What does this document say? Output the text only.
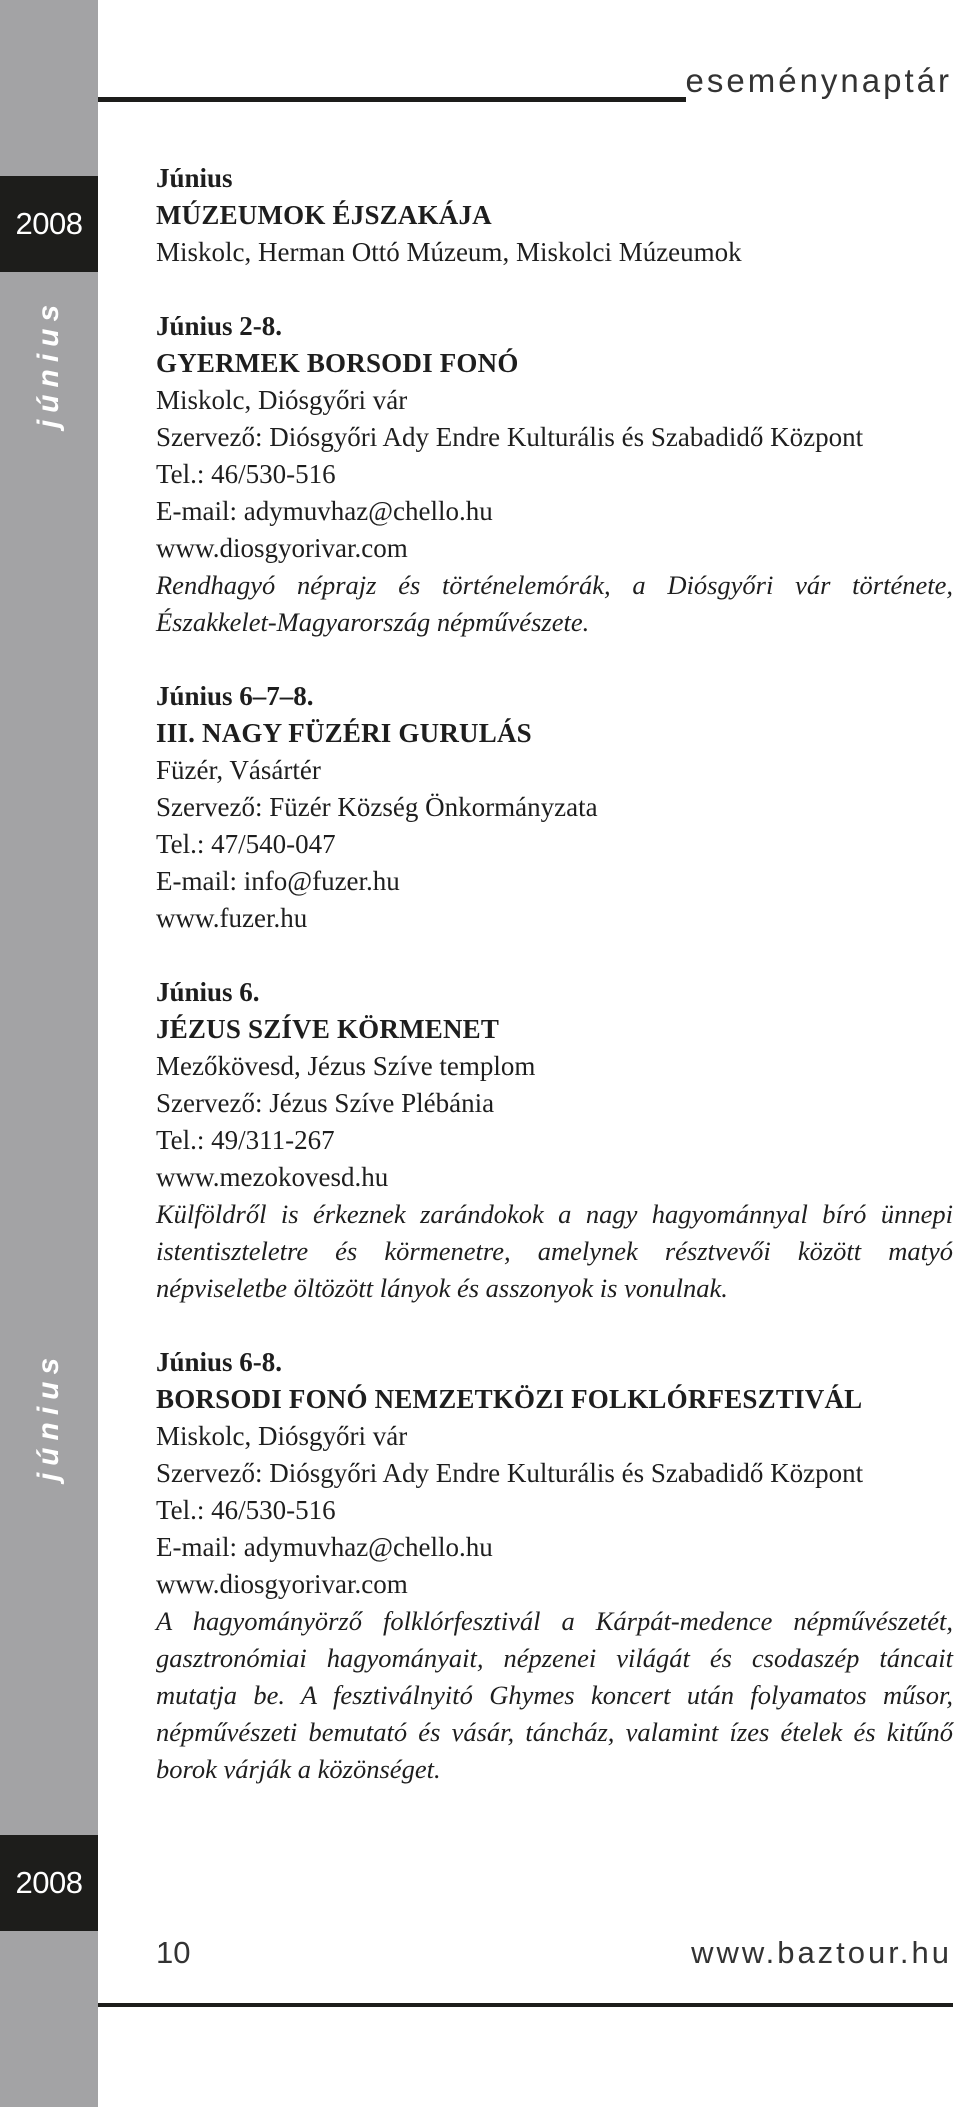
2008
június
június
2008
eseménynaptár
Június
MÚZEUMOK ÉJSZAKÁJA
Miskolc, Herman Ottó Múzeum, Miskolci Múzeumok
Június 2-8.
GYERMEK BORSODI FONÓ
Miskolc, Diósgyőri vár
Szervező: Diósgyőri Ady Endre Kulturális és Szabadidő Központ
Tel.: 46/530-516
E-mail: adymuvhaz@chello.hu
www.diosgyorivar.com
Rendhagyó néprajz és történelemórák, a Diósgyőri vár története, Északkelet-Magyarország népművészete.
Június 6–7–8.
III. NAGY FÜZÉRI GURULÁS
Füzér, Vásártér
Szervező: Füzér Község Önkormányzata
Tel.: 47/540-047
E-mail: info@fuzer.hu
www.fuzer.hu
Június 6.
JÉZUS SZÍVE KÖRMENET
Mezőkövesd, Jézus Szíve templom
Szervező: Jézus Szíve Plébánia
Tel.: 49/311-267
www.mezokovesd.hu
Külföldről is érkeznek zarándokok a nagy hagyománnyal bíró ünnepi istentiszteletre és körmenetre, amelynek résztvevői között matyó népviseletbe öltözött lányok és asszonyok is vonulnak.
Június 6-8.
BORSODI FONÓ NEMZETKÖZI FOLKLÓRFESZTIVÁL
Miskolc, Diósgyőri vár
Szervező: Diósgyőri Ady Endre Kulturális és Szabadidő Központ
Tel.: 46/530-516
E-mail: adymuvhaz@chello.hu
www.diosgyorivar.com
A hagyományörző folklórfesztivál a Kárpát-medence népművészetét, gasztronómiai hagyományait, népzenei világát és csodaszép táncait mutatja be. A fesztiválnyitó Ghymes koncert után folyamatos műsor, népművészeti bemutató és vásár, táncház, valamint ízes ételek és kitűnő borok várják a közönséget.
10	www.baztour.hu
